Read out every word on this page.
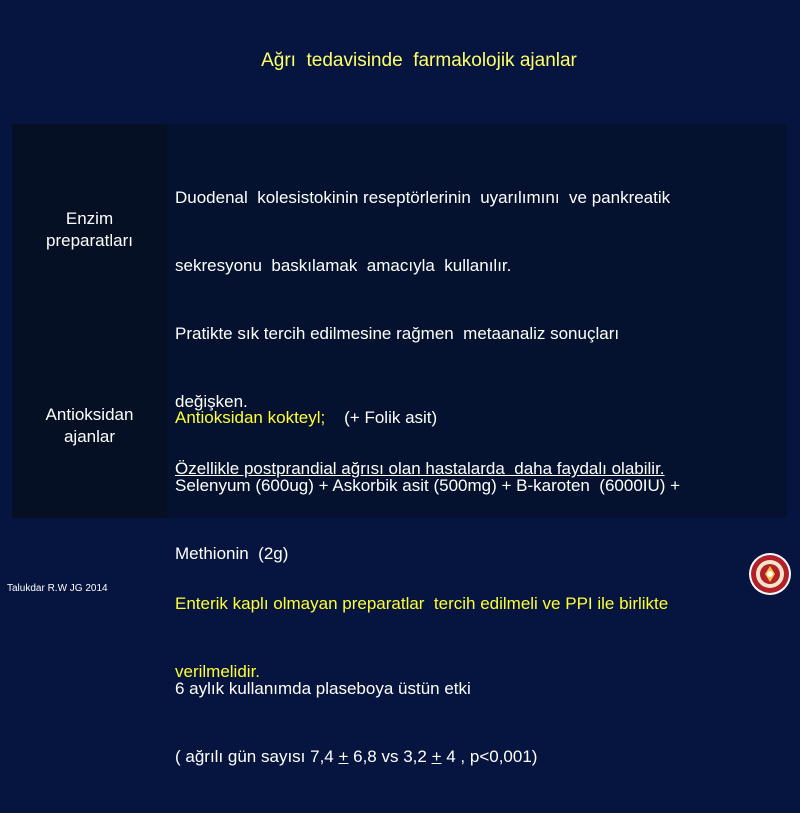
Ağrı  tedavisinde  farmakolojik ajanlar
Enzim
preparatları
Antioksidan
ajanlar

Duodenal  kolesistokinin reseptörlerinin  uyarılımını  ve pankreatik

sekresyonu  baskılamak  amacıyla  kullanılır.

Pratikte sık tercih edilmesine rağmen  metaanaliz sonuçları

değişken.

Özellikle postprandial ağrısı olan hastalarda  daha faydalı olabilir.

Enterik kaplı olmayan preparatlar  tercih edilmeli ve PPI ile birlikte

verilmelidir.

Antioksidan kokteyl;    (+ Folik asit)

Selenyum (600ug) + Askorbik asit (500mg) + B-karoten  (6000IU) +

Methionin  (2g)

6 aylık kullanımda plaseboya üstün etki

( ağrılı gün sayısı 7,4 + 6,8 vs 3,2 + 4 , p<0,001)

Talukdar R.W JG 2014
